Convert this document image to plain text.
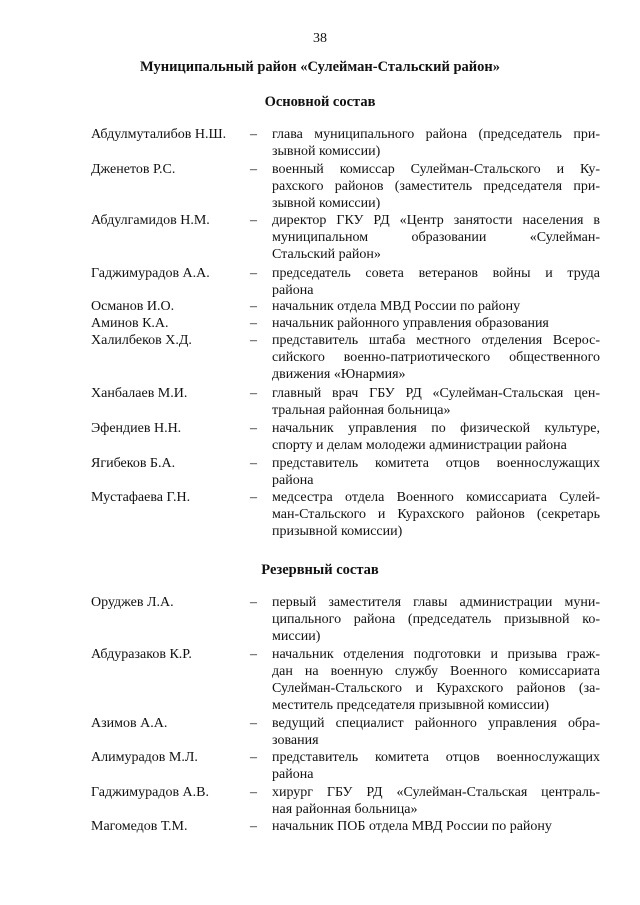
38
Муниципальный район «Сулейман-Стальский район»
Основной состав
Резервный состав
Абдулмуталибов Н.Ш. – глава муниципального района (председатель при-
зывной комиссии)
Дженетов Р.С.	– военный комиссар Сулейман-Стальского и Ку-
рахского районов (заместитель председателя при-
зывной комиссии)
Абдулгамидов Н.М.	– директор ГКУ РД «Центр занятости населения в
муниципальном образовании «Сулейман-
Стальский район»
Гаджимурадов А.А.	– председатель совета ветеранов войны и труда
района
Османов И.О.	– начальник отдела МВД России по району
Аминов К.А.	– начальник районного управления образования
Халилбеков Х.Д.	– представитель штаба местного отделения Всерос-
сийского военно-патриотического общественного
движения «Юнармия»
Ханбалаев М.И.	– главный врач ГБУ РД «Сулейман-Стальская цен-
тральная районная больница»
Эфендиев Н.Н.	– начальник управления по физической культуре,
спорту и делам молодежи администрации района
Ягибеков Б.А.	– представитель комитета отцов военнослужащих
района
Мустафаева Г.Н.	– медсестра отдела Военного комиссариата Сулей-
ман-Стальского и Курахского районов (секретарь
призывной комиссии)
Оруджев Л.А.	– первый заместителя главы администрации муни-
ципального района (председатель призывной ко-
миссии)
Абдуразаков К.Р.	– начальник отделения подготовки и призыва граж-
дан на военную службу Военного комиссариата
Сулейман-Стальского и Курахского районов (за-
меститель председателя призывной комиссии)
Азимов А.А.	– ведущий специалист районного управления обра-
зования
Алимурадов М.Л.	– представитель комитета отцов военнослужащих
района
Гаджимурадов А.В.	– хирург ГБУ РД «Сулейман-Стальская централь-
ная районная больница»
Магомедов Т.М.	– начальник ПОБ отдела МВД России по району
